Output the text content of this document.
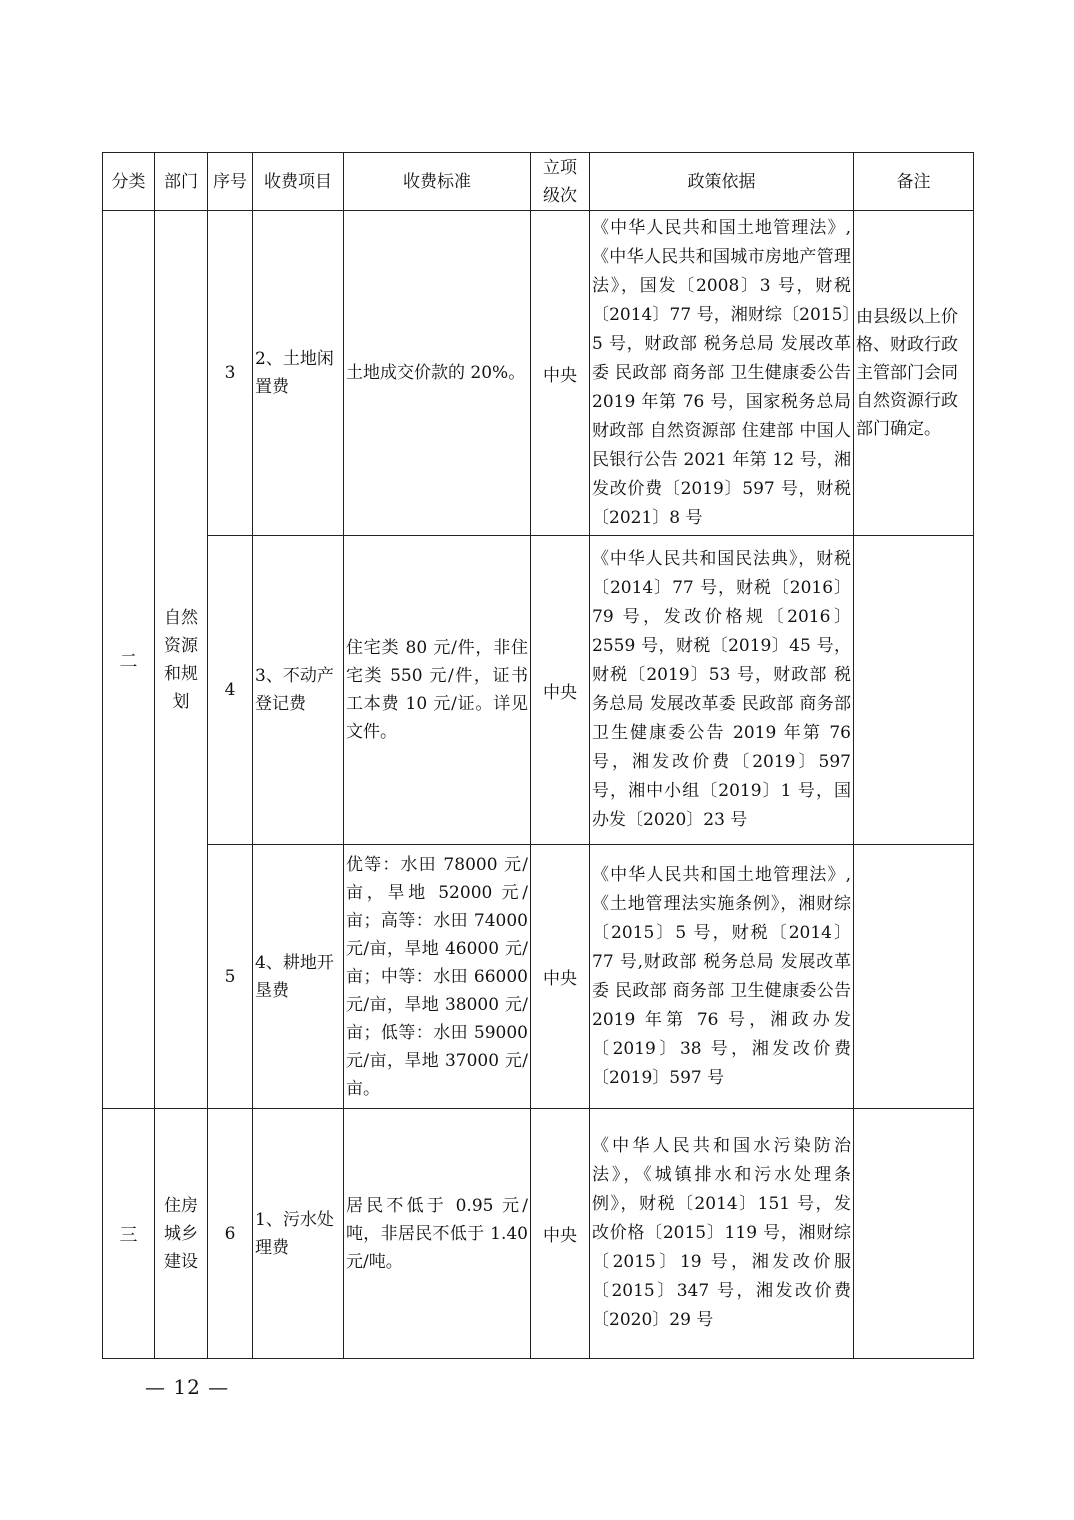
分类	部门	序号	收费项目	收费标准	立项级次	政策依据	备注
二	自然资源和规划	3	2、土地闲置费	土地成交价款的 20%。	中央	《中华人民共和国土地管理法》,《中华人民共和国城市房地产管理法》，国发〔2008〕3 号，财税〔2014〕77 号，湘财综〔2015〕5 号，财政部 税务总局 发展改革委 民政部 商务部 卫生健康委公告 2019 年第 76 号，国家税务总局 财政部 自然资源部 住建部 中国人民银行公告 2021 年第 12 号，湘发改价费〔2019〕597 号，财税〔2021〕8 号	由县级以上价格、财政行政主管部门会同自然资源行政部门确定。
		4	3、不动产登记费	住宅类 80 元/件，非住宅类 550 元/件，证书工本费 10 元/证。详见文件。	中央	《中华人民共和国民法典》，财税〔2014〕77 号，财税〔2016〕79 号，发改价格规〔2016〕2559 号，财税〔2019〕45 号，财税〔2019〕53 号，财政部 税务总局 发展改革委 民政部 商务部 卫生健康委公告 2019 年第 76 号，湘发改价费〔2019〕597 号，湘中小组〔2019〕1 号，国办发〔2020〕23 号	
		5	4、耕地开垦费	优等：水田 78000 元/亩，旱地 52000 元/亩；高等：水田 74000 元/亩，旱地 46000 元/亩；中等：水田 66000 元/亩，旱地 38000 元/亩；低等：水田 59000 元/亩，旱地 37000 元/亩。	中央	《中华人民共和国土地管理法》,《土地管理法实施条例》，湘财综〔2015〕5 号，财税〔2014〕77 号,财政部 税务总局 发展改革委 民政部 商务部 卫生健康委公告 2019 年第 76 号，湘政办发〔2019〕38 号，湘发改价费〔2019〕597 号	
三	住房城乡建设	6	1、污水处理费	居民不低于 0.95 元/吨，非居民不低于 1.40 元/吨。	中央	《中华人民共和国水污染防治法》，《城镇排水和污水处理条例》，财税〔2014〕151 号，发改价格〔2015〕119 号，湘财综〔2015〕19 号，湘发改价服〔2015〕347 号，湘发改价费〔2020〕29 号	
— 12 —
